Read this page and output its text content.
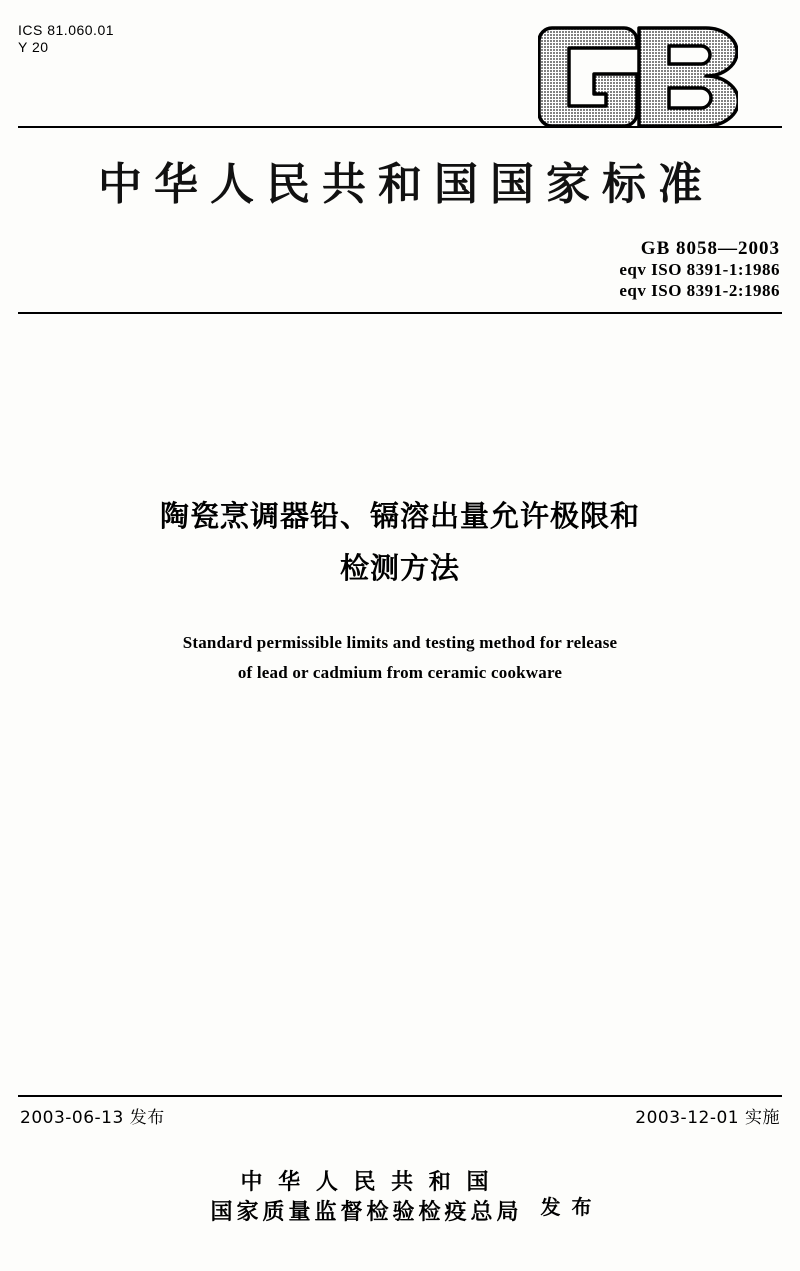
ICS 81.060.01
Y 20
中华人民共和国国家标准
GB 8058—2003
eqv ISO 8391-1:1986
eqv ISO 8391-2:1986
陶瓷烹调器铅、镉溶出量允许极限和
检测方法
Standard permissible limits and testing method for release
of lead or cadmium from ceramic cookware
2003-06-13 发布	2003-12-01 实施
中 华 人 民 共 和 国
国家质量监督检验检疫总局 发 布
